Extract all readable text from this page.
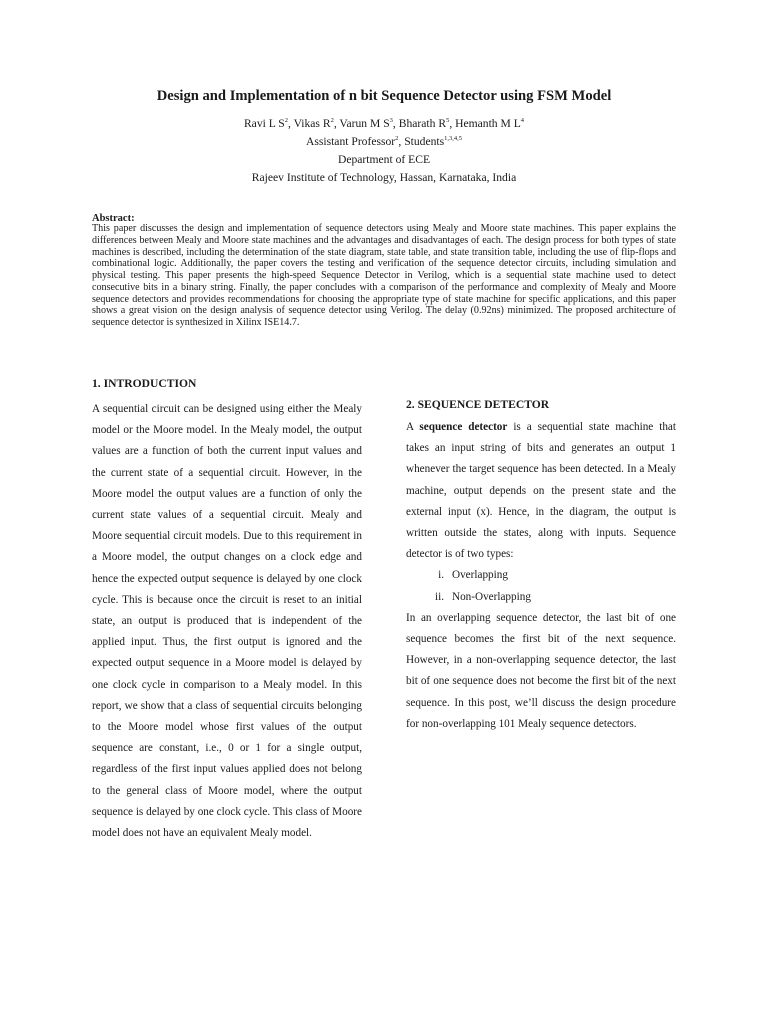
Design and Implementation of n bit Sequence Detector using FSM Model
Ravi L $S^2$, Vikas $R^2$, Varun M $S^3$, Bharath $R^5$, Hemanth M $L^4$
Assistant Professor$^2$, Students$^{1,3,4,5}$
Department of ECE
Rajeev Institute of Technology, Hassan, Karnataka, India
Abstract:
This paper discusses the design and implementation of sequence detectors using Mealy and Moore state machines. This paper explains the differences between Mealy and Moore state machines and the advantages and disadvantages of each. The design process for both types of state machines is described, including the determination of the state diagram, state table, and state transition table, including the use of flip-flops and combinational logic. Additionally, the paper covers the testing and verification of the sequence detector circuits, including simulation and physical testing. This paper presents the high-speed Sequence Detector in Verilog, which is a sequential state machine used to detect consecutive bits in a binary string. Finally, the paper concludes with a comparison of the performance and complexity of Mealy and Moore sequence detectors and provides recommendations for choosing the appropriate type of state machine for specific applications, and this paper shows a great vision on the design analysis of sequence detector using Verilog. The delay (0.92ns) minimized. The proposed architecture of sequence detector is synthesized in Xilinx ISE14.7.
1. INTRODUCTION

A sequential circuit can be designed using either the Mealy model or the Moore model. In the Mealy model, the output values are a function of both the current input values and the current state of a sequential circuit. However, in the Moore model the output values are a function of only the current state values of a sequential circuit. Mealy and Moore sequential circuit models. Due to this requirement in a Moore model, the output changes on a clock edge and hence the expected output sequence is delayed by one clock cycle. This is because once the circuit is reset to an initial state, an output is produced that is independent of the applied input. Thus, the first output is ignored and the expected output sequence in a Moore model is delayed by one clock cycle in comparison to a Mealy model. In this report, we show that a class of sequential circuits belonging to the Moore model whose first values of the output sequence are constant, i.e., 0 or 1 for a single output, regardless of the first input values applied does not belong to the general class of Moore model, where the output sequence is delayed by one clock cycle. This class of Moore model does not have an equivalent Mealy model.

2. SEQUENCE DETECTOR

A sequence detector is a sequential state machine that takes an input string of bits and generates an output 1 whenever the target sequence has been detected. In a Mealy machine, output depends on the present state and the external input (x). Hence, in the diagram, the output is written outside the states, along with inputs. Sequence detector is of two types:

i. Overlapping
ii. Non-Overlapping

In an overlapping sequence detector, the last bit of one sequence becomes the first bit of the next sequence. However, in a non-overlapping sequence detector, the last bit of one sequence does not become the first bit of the next sequence. In this post, we’ll discuss the design procedure for non-overlapping 101 Mealy sequence detectors.
